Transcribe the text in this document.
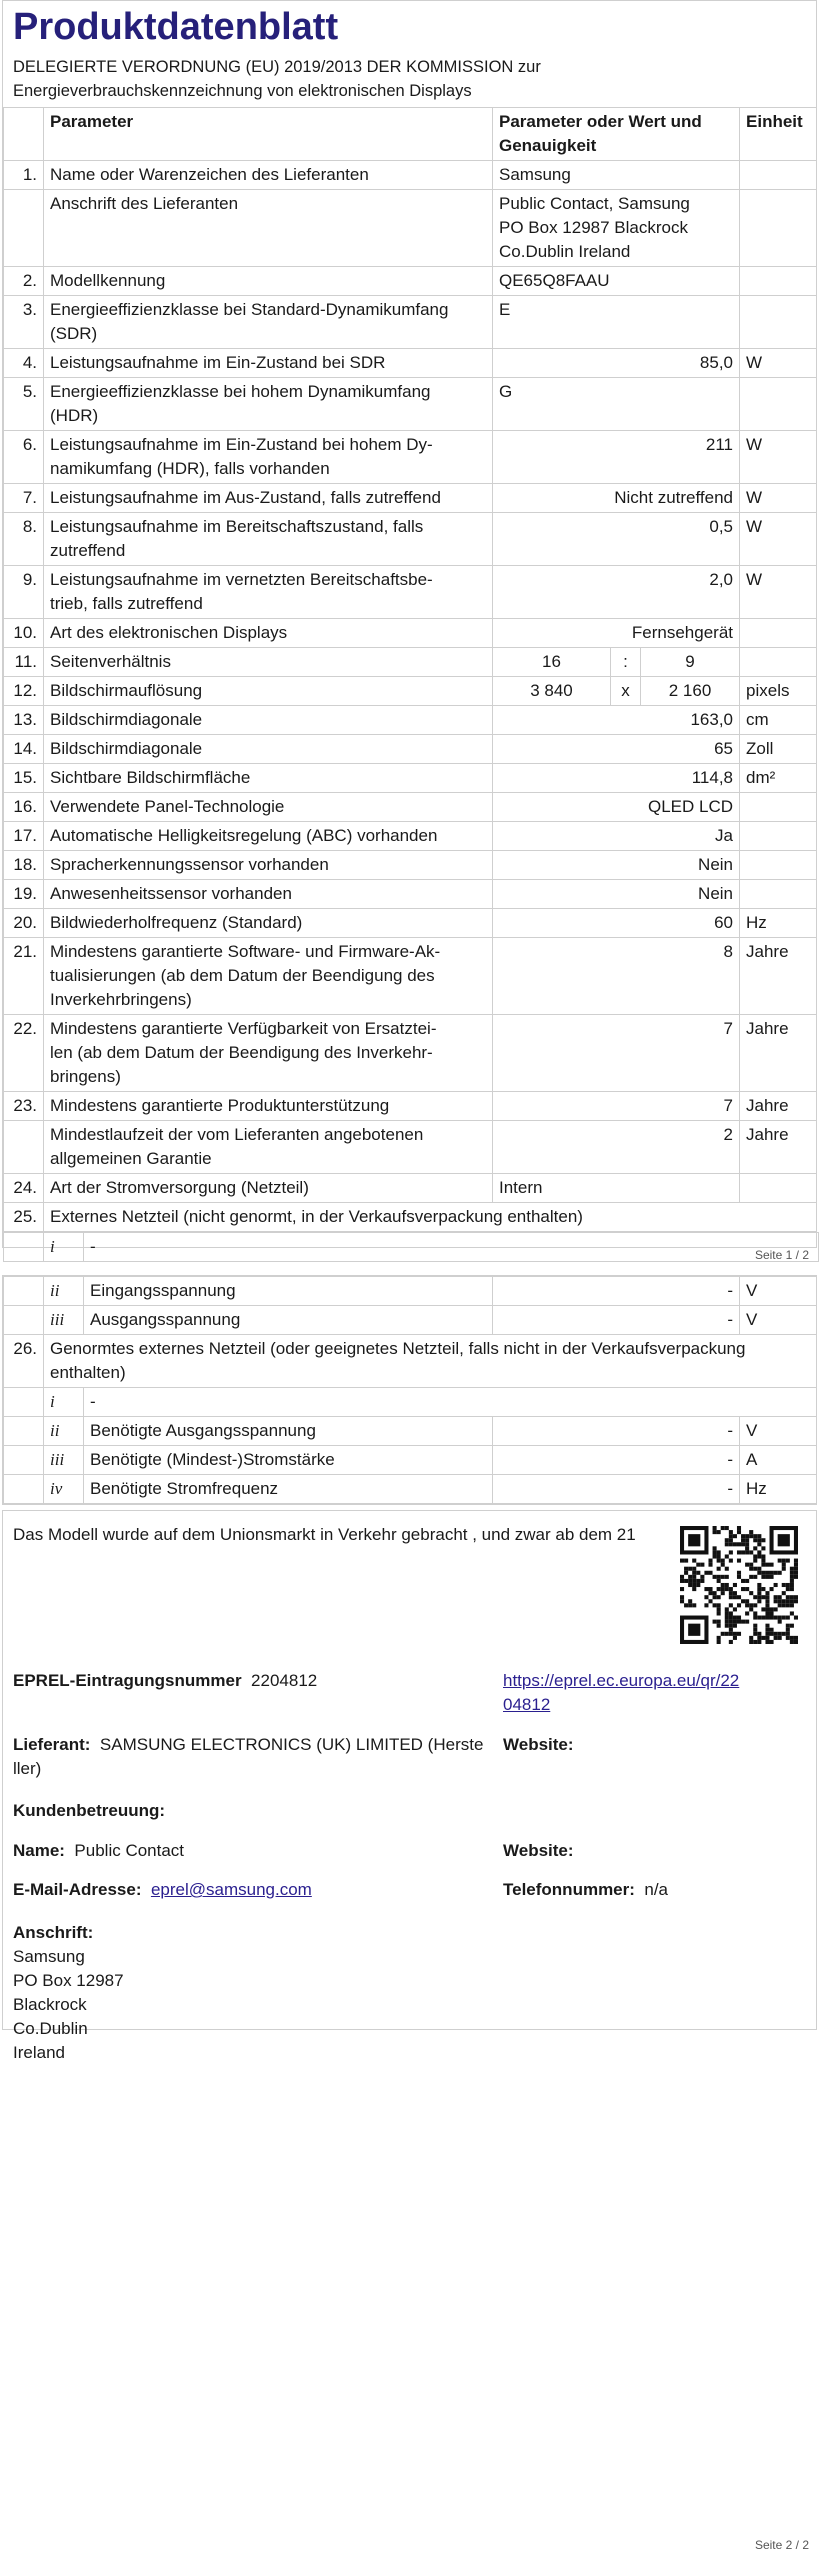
Produktdatenblatt
DELEGIERTE VERORDNUNG (EU) 2019/2013 DER KOMMISSION zur
Energieverbrauchskennzeichnung von elektronischen Displays
	Parameter	Parameter oder Wert und Genauigkeit			Einheit
1.	Name oder Warenzeichen des Lieferanten	Samsung			
	Anschrift des Lieferanten	Public Contact, Samsung
PO Box 12987 Blackrock
Co.Dublin Ireland			

2.	Modellkennung	QE65Q8FAAU			
3.	Energieeffizienzklasse bei Standard-Dynamikumfang
(SDR)	E			
4.	Leistungsaufnahme im Ein-Zustand bei SDR	85,0			W
5.	Energieeffizienzklasse bei hohem Dynamikumfang
(HDR)	G			
6.	Leistungsaufnahme im Ein-Zustand bei hohem Dy-
namikumfang (HDR), falls vorhanden	211			W
7.	Leistungsaufnahme im Aus-Zustand, falls zutreffend	Nicht zutreffend			W
8.	Leistungsaufnahme im Bereitschaftszustand, falls
zutreffend	0,5			W
9.	Leistungsaufnahme im vernetzten Bereitschaftsbe-
trieb, falls zutreffend	2,0			W
10.	Art des elektronischen Displays	Fernsehgerät			
11.	Seitenverhältnis	16	:	9	
12.	Bildschirmauflösung	3 840	x	2 160	pixels
13.	Bildschirmdiagonale	163,0			cm
14.	Bildschirmdiagonale	65			Zoll
15.	Sichtbare Bildschirmfläche	114,8			dm²
16.	Verwendete Panel-Technologie	QLED LCD			
17.	Automatische Helligkeitsregelung (ABC) vorhanden	Ja			
18.	Spracherkennungssensor vorhanden	Nein			
19.	Anwesenheitssensor vorhanden	Nein			
20.	Bildwiederholfrequenz (Standard)	60			Hz
21.	Mindestens garantierte Software- und Firmware-Ak-
tualisierungen (ab dem Datum der Beendigung des
Inverkehrbringens)	8			Jahre
22.	Mindestens garantierte Verfügbarkeit von Ersatztei-
len (ab dem Datum der Beendigung des Inverkehr-
bringens)	7			Jahre
23.	Mindestens garantierte Produktunterstützung	7			Jahre

	Mindestlaufzeit der vom Lieferanten angebotenen
allgemeinen Garantie	2			Jahre
24.	Art der Stromversorgung (Netzteil)	Intern			
25.	Externes Netzteil (nicht genormt, in der Verkaufsverpackung enthalten)				
	i	-	Seite 1 / 2
	ii	Eingangsspannung	-	V
	iii	Ausgangsspannung	-	V
26.	Genormtes externes Netzteil (oder geeignetes Netzteil, falls nicht in der Verkaufsverpackung
enthalten)			

	i	-		
	ii	Benötigte Ausgangsspannung	-	V
	iii	Benötigte (Mindest-)Stromstärke	-	A
	iv	Benötigte Stromfrequenz	-	Hz
Das Modell wurde auf dem Unionsmarkt in Verkehr gebracht , und zwar ab dem 21
EPREL-Eintragungsnummer 2204812	https://eprel.ec.europa.eu/qr/22
04812
Lieferant: SAMSUNG ELECTRONICS (UK) LIMITED (Herste
ller)
Website:
Kundenbetreuung:
Name: Public Contact	Website:
E-Mail-Adresse: eprel@samsung.com	Telefonnummer: n/a
Anschrift:
Samsung
PO Box 12987
Blackrock
Co.Dublin
Ireland
Seite 2 / 2
